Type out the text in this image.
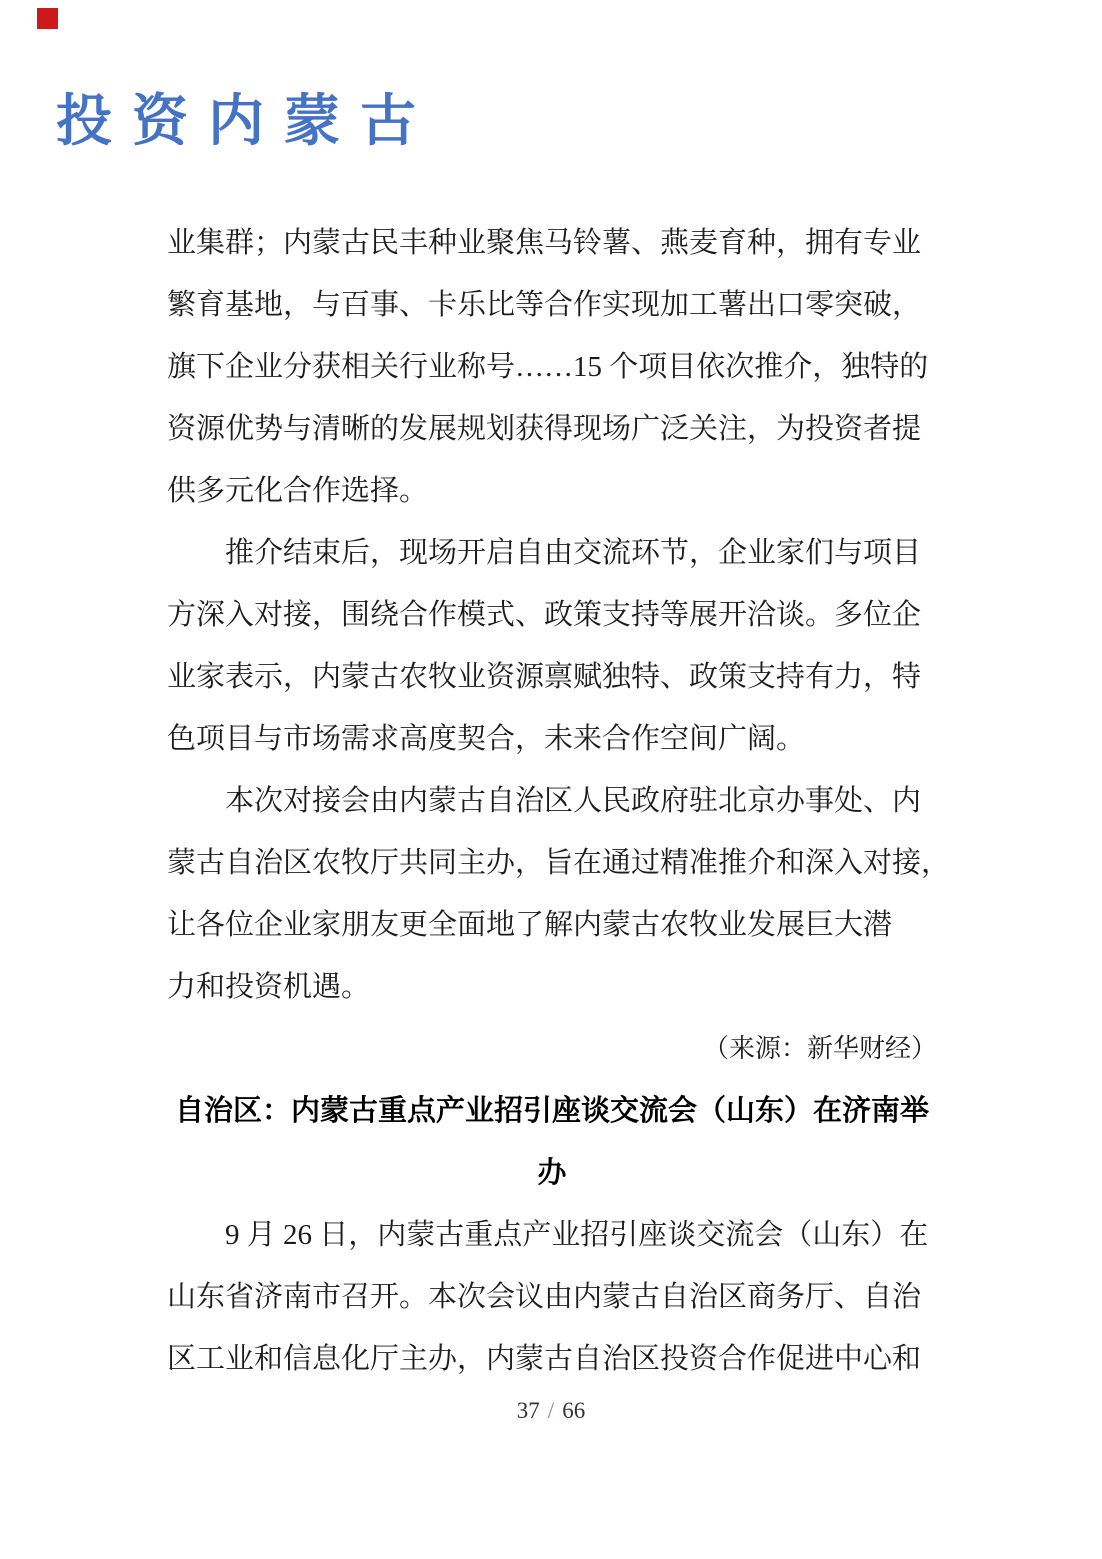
投资内蒙古
业集群；内蒙古民丰种业聚焦马铃薯、燕麦育种，拥有专业
繁育基地，与百事、卡乐比等合作实现加工薯出口零突破，
旗下企业分获相关行业称号……15 个项目依次推介，独特的
资源优势与清晰的发展规划获得现场广泛关注，为投资者提
供多元化合作选择。
推介结束后，现场开启自由交流环节，企业家们与项目
方深入对接，围绕合作模式、政策支持等展开洽谈。多位企
业家表示，内蒙古农牧业资源禀赋独特、政策支持有力，特
色项目与市场需求高度契合，未来合作空间广阔。
本次对接会由内蒙古自治区人民政府驻北京办事处、内
蒙古自治区农牧厅共同主办，旨在通过精准推介和深入对接，
让各位企业家朋友更全面地了解内蒙古农牧业发展巨大潜
力和投资机遇。
（来源：新华财经）
自治区：内蒙古重点产业招引座谈交流会（山东）在济南举
办
9 月 26 日，内蒙古重点产业招引座谈交流会（山东）在
山东省济南市召开。本次会议由内蒙古自治区商务厅、自治
区工业和信息化厅主办，内蒙古自治区投资合作促进中心和
37 / 66
